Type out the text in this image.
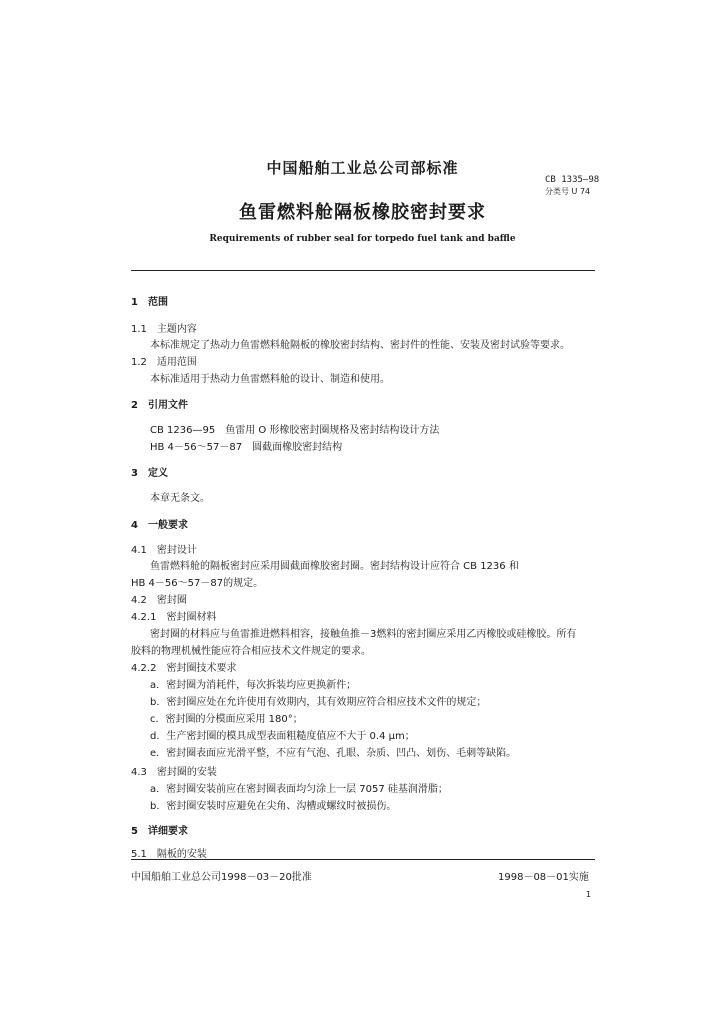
中国船舶工业总公司部标准
CB 1335—98
分类号 U 74
鱼雷燃料舱隔板橡胶密封要求
Requirements of rubber seal for torpedo fuel tank and baffle
1　范围
1.1　主题内容
本标准规定了热动力鱼雷燃料舱隔板的橡胶密封结构、密封件的性能、安装及密封试验等要求。
1.2　适用范围
本标准适用于热动力鱼雷燃料舱的设计、制造和使用。
2　引用文件
CB 1236—95　鱼雷用 O 形橡胶密封圈规格及密封结构设计方法
HB 4－56～57－87　圆截面橡胶密封结构
3　定义
本章无条文。
4　一般要求
4.1　密封设计
鱼雷燃料舱的隔板密封应采用圆截面橡胶密封圈。密封结构设计应符合 CB 1236 和
HB 4－56～57－87的规定。
4.2　密封圈
4.2.1　密封圈材料
密封圈的材料应与鱼雷推进燃料相容，接触鱼推－3燃料的密封圈应采用乙丙橡胶或硅橡胶。所有
胶料的物理机械性能应符合相应技术文件规定的要求。
4.2.2　密封圈技术要求
a．密封圈为消耗件，每次拆装均应更换新件；
b．密封圈应处在允许使用有效期内，其有效期应符合相应技术文件的规定；
c．密封圈的分模面应采用 180°；
d．生产密封圈的模具成型表面粗糙度值应不大于 0.4 μm；
e．密封圈表面应光滑平整，不应有气泡、孔眼、杂质、凹凸、划伤、毛刺等缺陷。
4.3　密封圈的安装
a．密封圈安装前应在密封圈表面均匀涂上一层 7057 硅基润滑脂；
b．密封圈安装时应避免在尖角、沟槽或螺纹时被损伤。
5　详细要求
5.1　隔板的安装
中国船舶工业总公司1998－03－20批准	1998－08－01实施
1
